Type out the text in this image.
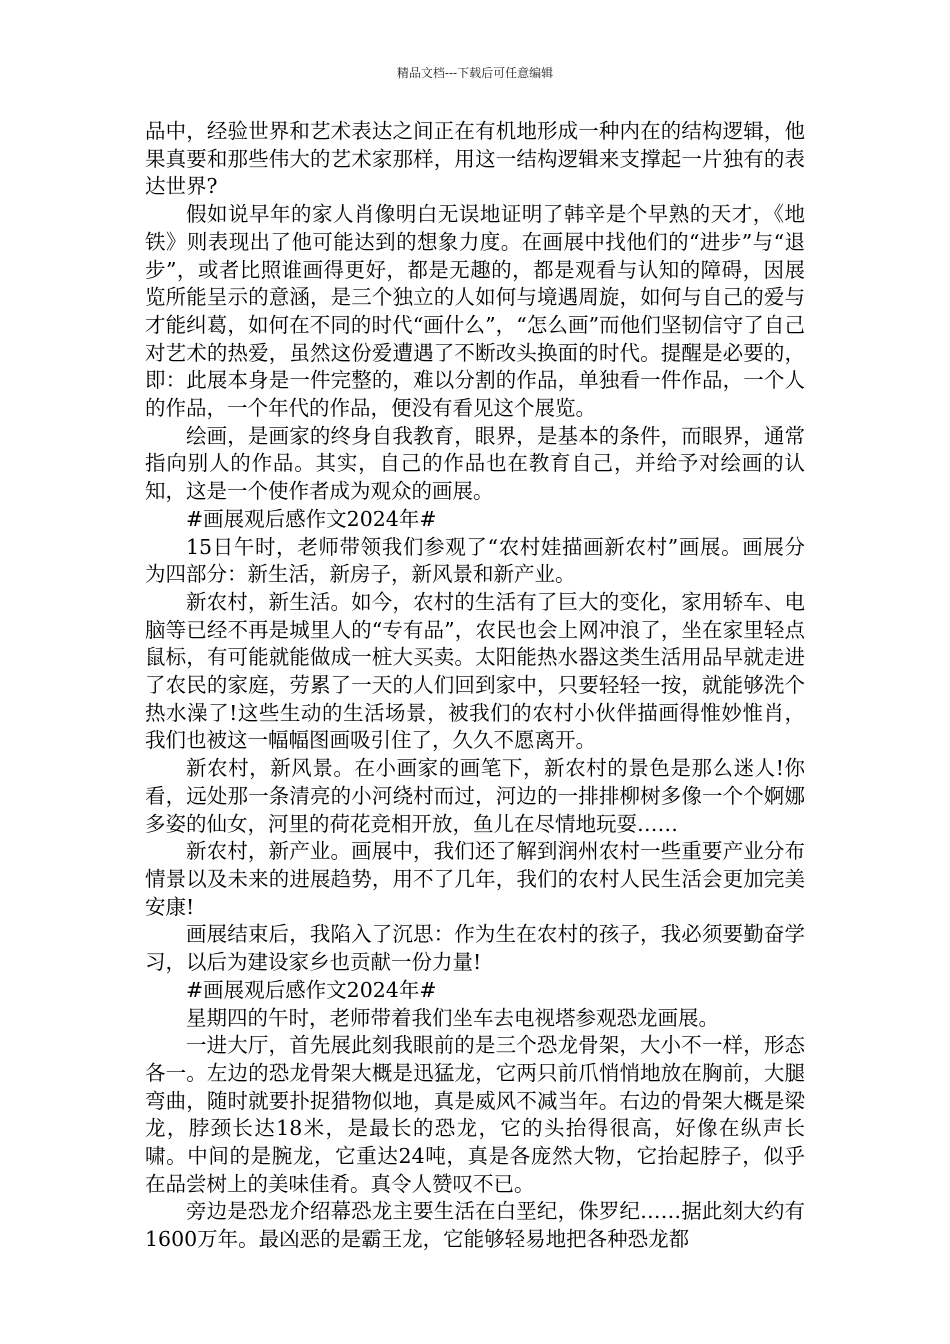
精品文档---下载后可任意编辑

品中，经验世界和艺术表达之间正在有机地形成一种内在的结构逻辑，他果真要和那些伟大的艺术家那样，用这一结构逻辑来支撑起一片独有的表达世界?

假如说早年的家人肖像明白无误地证明了韩辛是个早熟的天才，《地铁》则表现出了他可能达到的想象力度。在画展中找他们的“进步”与“退步”，或者比照谁画得更好，都是无趣的，都是观看与认知的障碍，因展览所能呈示的意涵，是三个独立的人如何与境遇周旋，如何与自己的爱与才能纠葛，如何在不同的时代“画什么”，“怎么画”而他们坚韧信守了自己对艺术的热爱，虽然这份爱遭遇了不断改头换面的时代。提醒是必要的，即：此展本身是一件完整的，难以分割的作品，单独看一件作品，一个人的作品，一个年代的作品，便没有看见这个展览。

绘画，是画家的终身自我教育，眼界，是基本的条件，而眼界，通常指向别人的作品。其实，自己的作品也在教育自己，并给予对绘画的认知，这是一个使作者成为观众的画展。

#画展观后感作文2024年#

15日午时，老师带领我们参观了“农村娃描画新农村”画展。画展分为四部分：新生活，新房子，新风景和新产业。

新农村，新生活。如今，农村的生活有了巨大的变化，家用轿车、电脑等已经不再是城里人的“专有品”，农民也会上网冲浪了，坐在家里轻点鼠标，有可能就能做成一桩大买卖。太阳能热水器这类生活用品早就走进了农民的家庭，劳累了一天的人们回到家中，只要轻轻一按，就能够洗个热水澡了!这些生动的生活场景，被我们的农村小伙伴描画得惟妙惟肖，我们也被这一幅幅图画吸引住了，久久不愿离开。

新农村，新风景。在小画家的画笔下，新农村的景色是那么迷人!你看，远处那一条清亮的小河绕村而过，河边的一排排柳树多像一个个婀娜多姿的仙女，河里的荷花竞相开放，鱼儿在尽情地玩耍……

新农村，新产业。画展中，我们还了解到润州农村一些重要产业分布情景以及未来的进展趋势，用不了几年，我们的农村人民生活会更加完美安康!

画展结束后，我陷入了沉思：作为生在农村的孩子，我必须要勤奋学习，以后为建设家乡也贡献一份力量!

#画展观后感作文2024年#

星期四的午时，老师带着我们坐车去电视塔参观恐龙画展。

一进大厅，首先展此刻我眼前的是三个恐龙骨架，大小不一样，形态各一。左边的恐龙骨架大概是迅猛龙，它两只前爪悄悄地放在胸前，大腿弯曲，随时就要扑捉猎物似地，真是威风不减当年。右边的骨架大概是梁龙，脖颈长达18米，是最长的恐龙，它的头抬得很高，好像在纵声长啸。中间的是腕龙，它重达24吨，真是各庞然大物，它抬起脖子，似乎在品尝树上的美味佳肴。真令人赞叹不已。

旁边是恐龙介绍幕恐龙主要生活在白垩纪，侏罗纪……据此刻大约有1600万年。最凶恶的是霸王龙，它能够轻易地把各种恐龙都
